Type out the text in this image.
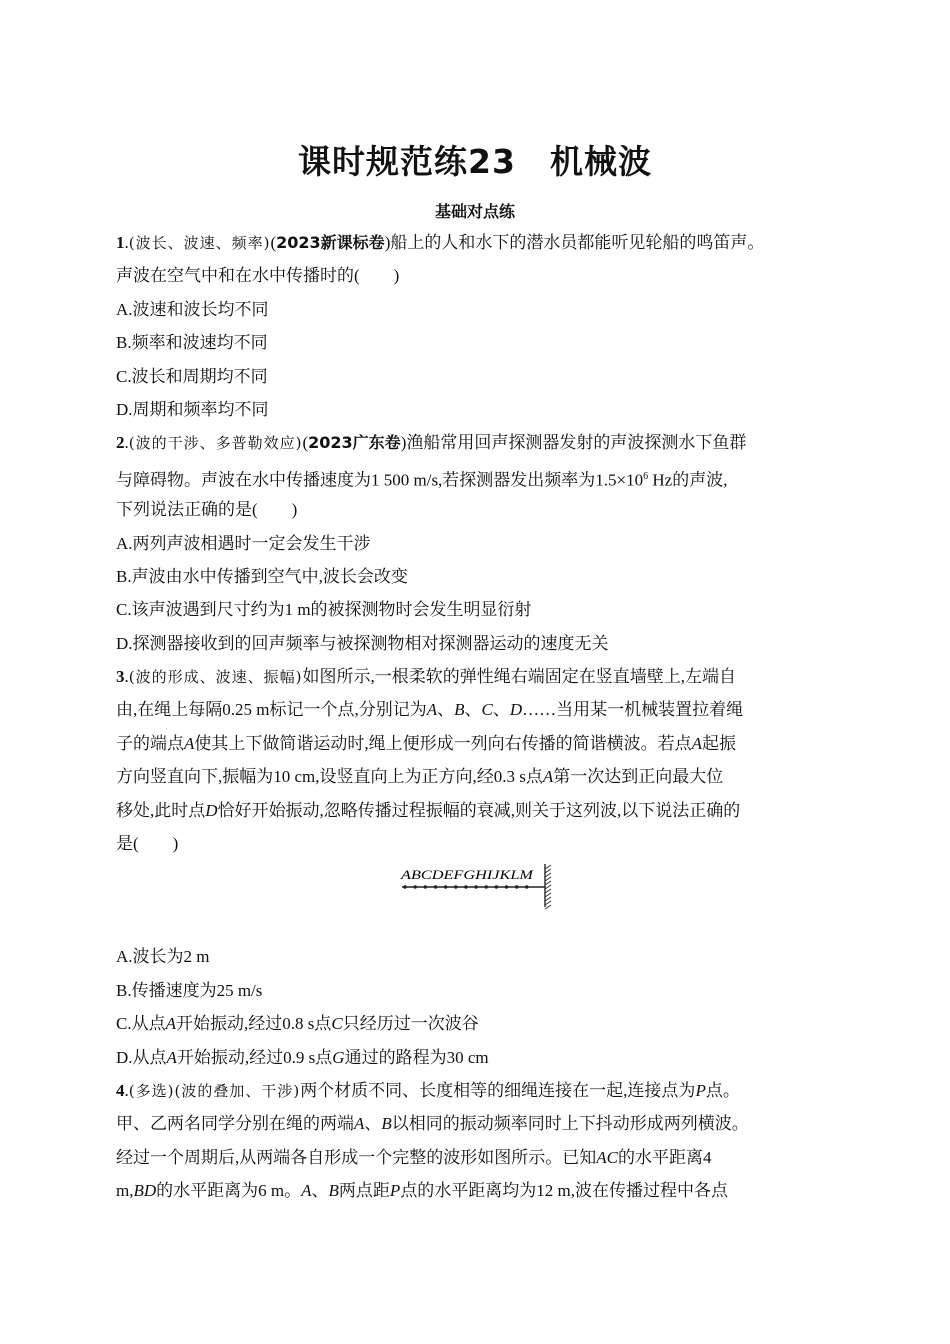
课时规范练23　机械波
基础对点练
1.(波长、波速、频率)(2023新课标卷)船上的人和水下的潜水员都能听见轮船的鸣笛声。
声波在空气中和在水中传播时的(　　)
A.波速和波长均不同
B.频率和波速均不同
C.波长和周期均不同
D.周期和频率均不同
2.(波的干涉、多普勒效应)(2023广东卷)渔船常用回声探测器发射的声波探测水下鱼群
与障碍物。声波在水中传播速度为1 500 m/s,若探测器发出频率为$1.5\times 10^6$ Hz的声波,
下列说法正确的是(　　)
A.两列声波相遇时一定会发生干涉
B.声波由水中传播到空气中,波长会改变
C.该声波遇到尺寸约为1 m的被探测物时会发生明显衍射
D.探测器接收到的回声频率与被探测物相对探测器运动的速度无关
3.(波的形成、波速、振幅)如图所示,一根柔软的弹性绳右端固定在竖直墙壁上,左端自
由,在绳上每隔0.25 m标记一个点,分别记为A、B、C、D……当用某一机械装置拉着绳
子的端点A使其上下做简谐运动时,绳上便形成一列向右传播的简谐横波。若点A起振
方向竖直向下,振幅为10 cm,设竖直向上为正方向,经0.3 s点A第一次达到正向最大位
移处,此时点D恰好开始振动,忽略传播过程振幅的衰减,则关于这列波,以下说法正确的
是(　　)
ABCDEFGHIJKLM
A.波长为2 m
B.传播速度为25 m/s
C.从点A开始振动,经过0.8 s点C只经历过一次波谷
D.从点A开始振动,经过0.9 s点G通过的路程为30 cm
4.(多选)(波的叠加、干涉)两个材质不同、长度相等的细绳连接在一起,连接点为P点。
甲、乙两名同学分别在绳的两端A、B以相同的振动频率同时上下抖动形成两列横波。
经过一个周期后,从两端各自形成一个完整的波形如图所示。已知AC的水平距离4
m,BD的水平距离为6 m。A、B两点距P点的水平距离均为12 m,波在传播过程中各点
